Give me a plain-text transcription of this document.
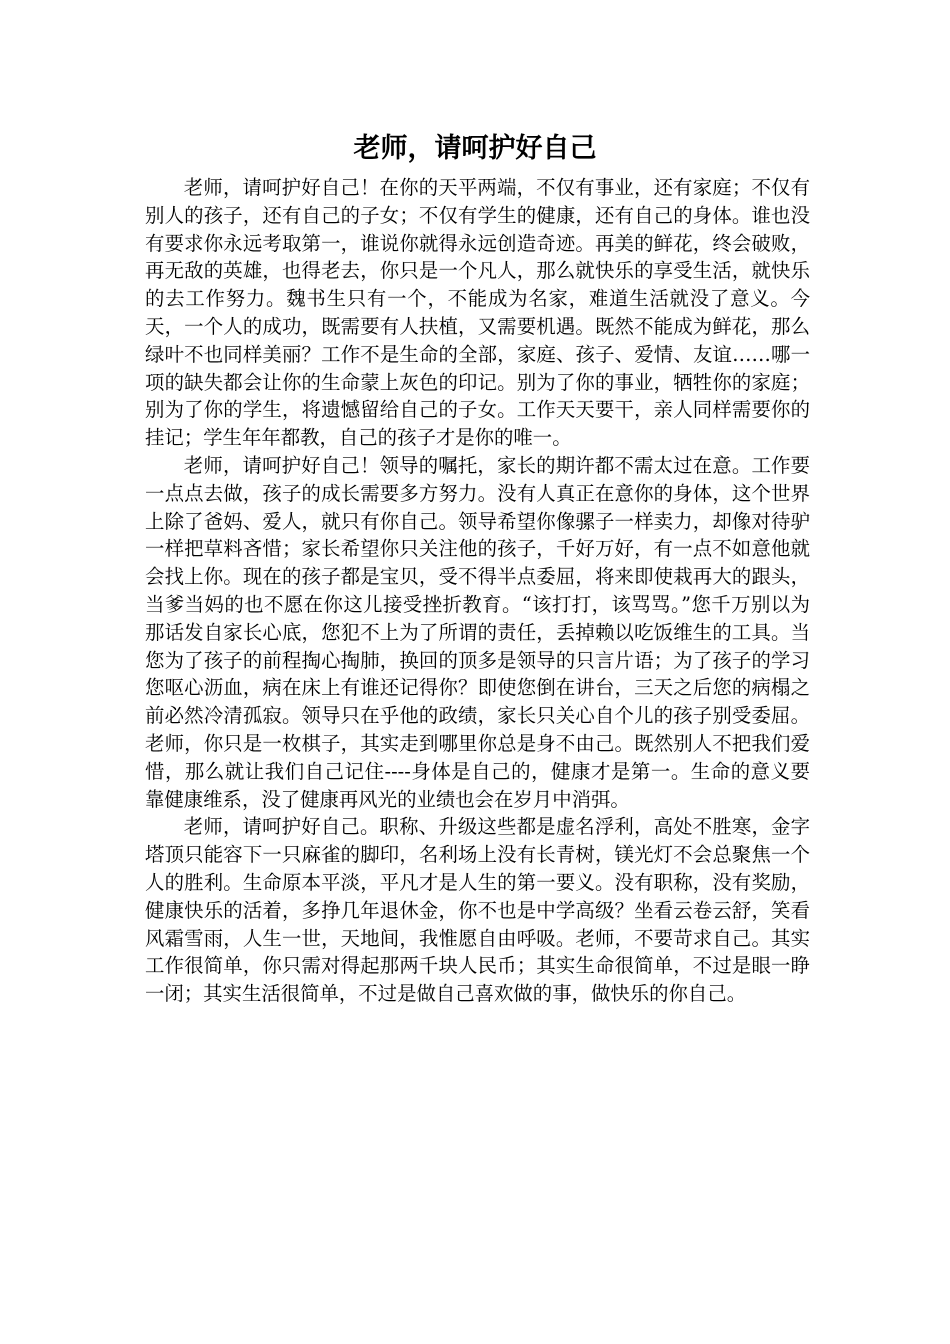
老师，请呵护好自己

老师，请呵护好自己！在你的天平两端，不仅有事业，还有家庭；不仅有别人的孩子，还有自己的子女；不仅有学生的健康，还有自己的身体。谁也没有要求你永远考取第一，谁说你就得永远创造奇迹。再美的鲜花，终会破败，再无敌的英雄，也得老去，你只是一个凡人，那么就快乐的享受生活，就快乐的去工作努力。魏书生只有一个，不能成为名家，难道生活就没了意义。今天，一个人的成功，既需要有人扶植，又需要机遇。既然不能成为鲜花，那么绿叶不也同样美丽？工作不是生命的全部，家庭、孩子、爱情、友谊……哪一项的缺失都会让你的生命蒙上灰色的印记。别为了你的事业，牺牲你的家庭；别为了你的学生，将遗憾留给自己的子女。工作天天要干，亲人同样需要你的挂记；学生年年都教，自己的孩子才是你的唯一。

老师，请呵护好自己！领导的嘱托，家长的期许都不需太过在意。工作要一点点去做，孩子的成长需要多方努力。没有人真正在意你的身体，这个世界上除了爸妈、爱人，就只有你自己。领导希望你像骡子一样卖力，却像对待驴一样把草料吝惜；家长希望你只关注他的孩子，千好万好，有一点不如意他就会找上你。现在的孩子都是宝贝，受不得半点委屈，将来即使栽再大的跟头，当爹当妈的也不愿在你这儿接受挫折教育。“该打打，该骂骂。”您千万别以为那话发自家长心底，您犯不上为了所谓的责任，丢掉赖以吃饭维生的工具。当您为了孩子的前程掏心掏肺，换回的顶多是领导的只言片语；为了孩子的学习您呕心沥血，病在床上有谁还记得你？即使您倒在讲台，三天之后您的病榻之前必然冷清孤寂。领导只在乎他的政绩，家长只关心自个儿的孩子别受委屈。老师，你只是一枚棋子，其实走到哪里你总是身不由己。既然别人不把我们爱惜，那么就让我们自己记住----身体是自己的，健康才是第一。生命的意义要靠健康维系，没了健康再风光的业绩也会在岁月中消弭。

老师，请呵护好自己。职称、升级这些都是虚名浮利，高处不胜寒，金字塔顶只能容下一只麻雀的脚印，名利场上没有长青树，镁光灯不会总聚焦一个人的胜利。生命原本平淡，平凡才是人生的第一要义。没有职称，没有奖励，健康快乐的活着，多挣几年退休金，你不也是中学高级？坐看云卷云舒，笑看风霜雪雨，人生一世，天地间，我惟愿自由呼吸。老师，不要苛求自己。其实工作很简单，你只需对得起那两千块人民币；其实生命很简单，不过是眼一睁一闭；其实生活很简单，不过是做自己喜欢做的事，做快乐的你自己。
